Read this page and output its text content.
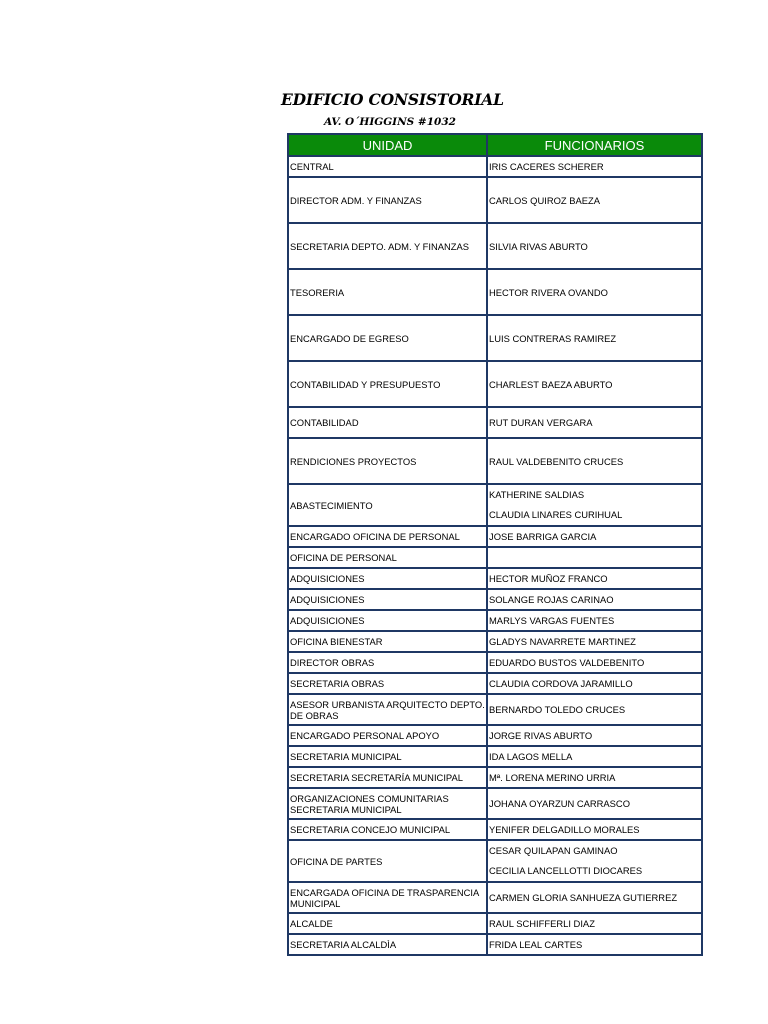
EDIFICIO CONSISTORIAL
AV. O´HIGGINS #1032
UNIDAD	FUNCIONARIOS
CENTRAL	IRIS CACERES SCHERER
DIRECTOR ADM. Y FINANZAS	CARLOS QUIROZ BAEZA
SECRETARIA DEPTO. ADM. Y FINANZAS	SILVIA RIVAS ABURTO
TESORERIA	HECTOR RIVERA OVANDO
ENCARGADO DE EGRESO	LUIS CONTRERAS RAMIREZ
CONTABILIDAD Y PRESUPUESTO	CHARLEST BAEZA ABURTO
CONTABILIDAD	RUT DURAN VERGARA
RENDICIONES PROYECTOS	RAUL VALDEBENITO CRUCES
ABASTECIMIENTO	KATHERINE SALDIAS
CLAUDIA LINARES CURIHUAL

ENCARGADO OFICINA DE PERSONAL	JOSE BARRIGA GARCIA
OFICINA DE PERSONAL	
ADQUISICIONES	HECTOR MUÑOZ FRANCO
ADQUISICIONES	SOLANGE ROJAS CARINAO
ADQUISICIONES	MARLYS VARGAS FUENTES
OFICINA BIENESTAR	GLADYS NAVARRETE MARTINEZ
DIRECTOR OBRAS	EDUARDO BUSTOS VALDEBENITO
SECRETARIA OBRAS	CLAUDIA CORDOVA JARAMILLO
ASESOR URBANISTA ARQUITECTO DEPTO. DE OBRAS	BERNARDO TOLEDO CRUCES
ENCARGADO PERSONAL APOYO	JORGE RIVAS ABURTO
SECRETARIA MUNICIPAL	IDA LAGOS MELLA
SECRETARIA SECRETARÍA MUNICIPAL	Mª. LORENA MERINO URRIA
ORGANIZACIONES COMUNITARIAS SECRETARIA MUNICIPAL	JOHANA OYARZUN CARRASCO
SECRETARIA CONCEJO MUNICIPAL	YENIFER DELGADILLO MORALES
OFICINA DE PARTES	CESAR QUILAPAN GAMINAO
CECILIA LANCELLOTTI DIOCARES

ENCARGADA OFICINA DE TRASPARENCIA MUNICIPAL	CARMEN GLORIA SANHUEZA GUTIERREZ
ALCALDE	RAUL SCHIFFERLI DIAZ
SECRETARIA ALCALDÌA	FRIDA LEAL CARTES
